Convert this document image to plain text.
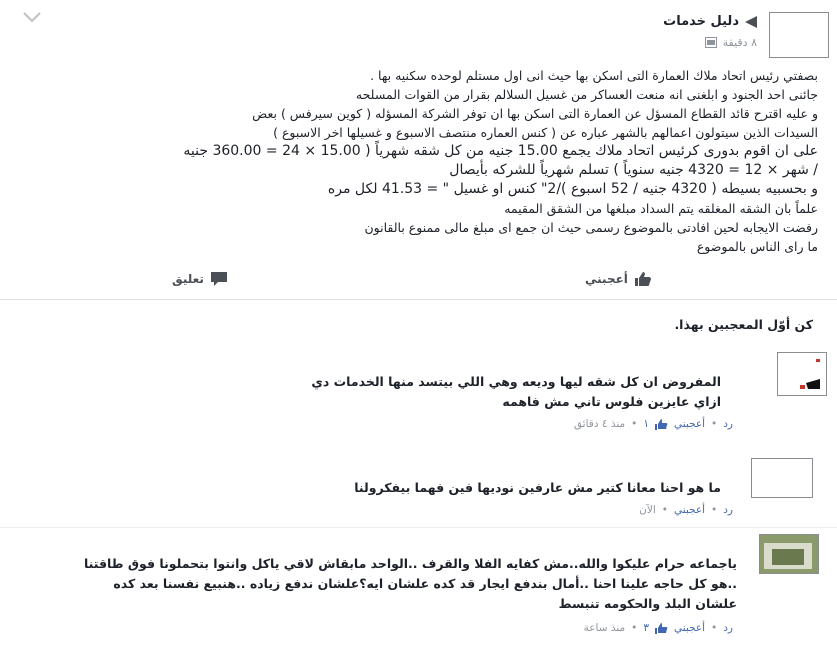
دليل خدمات
٨ دقيقة

بصفتي رئيس اتحاد ملاك العمارة التى اسكن بها حيث انى اول مستلم لوحده سكنيه بها .

جائنى احد الجنود و ابلغنى انه منعت العساكر من غسيل السلالم بقرار من القوات المسلحه

و عليه اقترح قائد القطاع المسؤل عن العمارة التى اسكن بها ان توفر الشركة المسؤله ( كوين سيرفس ) بعض

السيدات الذين سيتولون اعمالهم بالشهر عباره عن ( كنس العماره منتصف الاسبوع و غسيلها اخر الاسبوع )

على ان اقوم بدورى كرئيس اتحاد ملاك يجمع 15.00 جنيه من كل شقه شهرياً ( 15.00 × 24 = 360.00 جنيه

/ شهر × 12 = 4320 جنيه سنوياً ) تسلم شهرياً للشركه بأيصال

و بحسبيه بسيطه ( 4320 جنيه / 52 اسبوع )/2" كنس او غسيل " = 41.53 لكل مره

علماً بان الشقه المغلقه يتم السداد مبلغها من الشقق المقيمه

رفضت الايجابه لحين افادتى بالموضوع رسمى حيث ان جمع اى مبلغ مالى ممنوع بالقانون

ما راى الناس بالموضوع

أعجبني
تعليق
كن أوّل المعجبين بهذا.

المفروض ان كل شقه ليها وديعه وهي اللي بيتسد منها الخدمات دي

ازاي عايزين فلوس تاني مش فاهمه

رد
•
أعجبني
١
•
منذ ٤ دقائق

ما هو احنا معانا كتير مش عارفين نوديها فين فهما بيفكرولنا

رد
•
أعجبني
•
الآن

ياجماعه حرام عليكوا والله..مش كفايه الفلا والقرف ..الواحد مابقاش لاقي ياكل وانتوا بتحملونا فوق طاقتنا

..هو كل حاجه علينا احنا ..أمال بندفع ايجار قد كده علشان ايه؟علشان ندفع زياده ..هنبيع نفسنا بعد كده

علشان البلد والحكومه تنبسط

رد
•
أعجبني
٣
•
منذ ساعة
